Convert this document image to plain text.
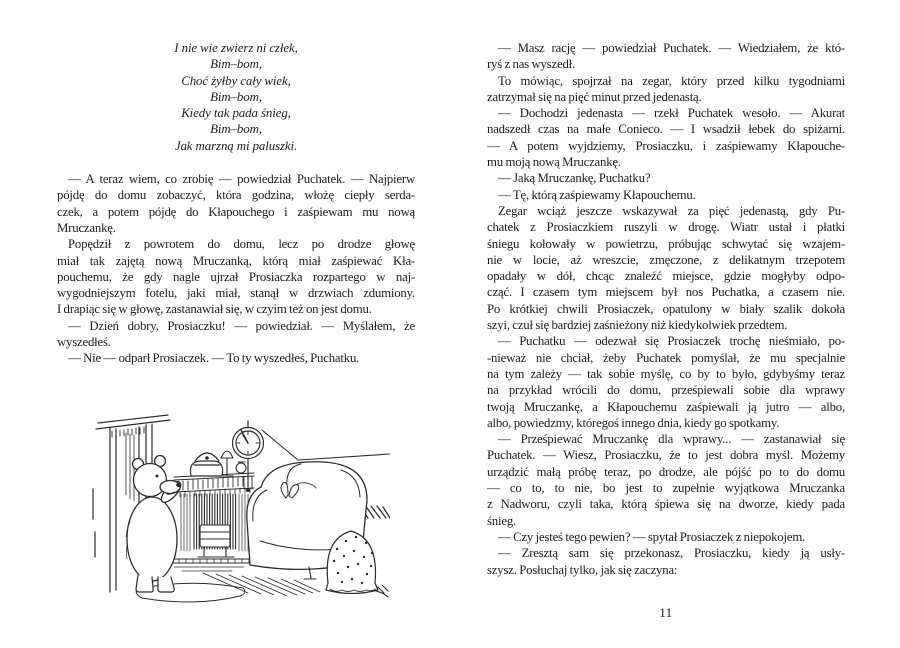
I nie wie zwierz ni człek,
Bim–bom,
Choć żyłby cały wiek,
Bim–bom,
Kiedy tak pada śnieg,
Bim–bom,
Jak marzną mi paluszki.
— A teraz wiem, co zrobię — powiedział Puchatek. — Najpierw
pójdę do domu zobaczyć, która godzina, włożę ciepły serda-
czek, a potem pójdę do Kłapouchego i zaśpiewam mu nową
Mruczankę.
Popędził z powrotem do domu, lecz po drodze głowę
miał tak zajętą nową Mruczanką, którą miał zaśpiewać Kła-
pouchemu, że gdy nagle ujrzał Prosiaczka rozpartego w naj-
wygodniejszym fotelu, jaki miał, stanął w drzwiach zdumiony.
I drapiąc się w głowę, zastanawiał się, w czyim też on jest domu.
— Dzień dobry, Prosiaczku! — powiedział. — Myślałem, że
wyszedłeś.
— Nie — odparł Prosiaczek. — To ty wyszedłeś, Puchatku.
— Masz rację — powiedział Puchatek. — Wiedziałem, że któ-
ryś z nas wyszedł.
To mówiąc, spojrzał na zegar, który przed kilku tygodniami
zatrzymał się na pięć minut przed jedenastą.
— Dochodzi jedenasta — rzekł Puchatek wesoło. — Akurat
nadszedł czas na małe Conieco. — I wsadził łebek do spiżarni.
— A potem wyjdziemy, Prosiaczku, i zaśpiewamy Kłapouche-
mu moją nową Mruczankę.
— Jaką Mruczankę, Puchatku?
— Tę, którą zaśpiewamy Kłapouchemu.
Zegar wciąż jeszcze wskazywał za pięć jedenastą, gdy Pu-
chatek z Prosiaczkiem ruszyli w drogę. Wiatr ustał i płatki
śniegu kołowały w powietrzu, próbując schwytać się wzajem-
nie w locie, aż wreszcie, zmęczone, z delikatnym trzepotem
opadały w dół, chcąc znaleźć miejsce, gdzie mogłyby odpo-
cząć. I czasem tym miejscem był nos Puchatka, a czasem nie.
Po krótkiej chwili Prosiaczek, opatulony w biały szalik dokoła
szyi, czuł się bardziej zaśnieżony niż kiedykolwiek przedtem.
— Puchatku — odezwał się Prosiaczek trochę nieśmiało, po-
-nieważ nie chciał, żeby Puchatek pomyślał, że mu specjalnie
na tym zależy — tak sobie myślę, co by to było, gdybyśmy teraz
na przykład wrócili do domu, prześpiewali sobie dla wprawy
twoją Mruczankę, a Kłapouchemu zaśpiewali ją jutro — albo,
albo, powiedzmy, któregoś innego dnia, kiedy go spotkamy.
— Prześpiewać Mruczankę dla wprawy... — zastanawiał się
Puchatek. — Wiesz, Prosiaczku, że to jest dobra myśl. Możemy
urządzić małą próbę teraz, po drodze, ale pójść po to do domu
— co to, to nie, bo jest to zupełnie wyjątkowa Mruczanka
z Nadworu, czyli taka, którą śpiewa się na dworze, kiedy pada
śnieg.
— Czy jesteś tego pewien? — spytał Prosiaczek z niepokojem.
— Zresztą sam się przekonasz, Prosiaczku, kiedy ją usły-
szysz. Posłuchaj tylko, jak się zaczyna:
11
